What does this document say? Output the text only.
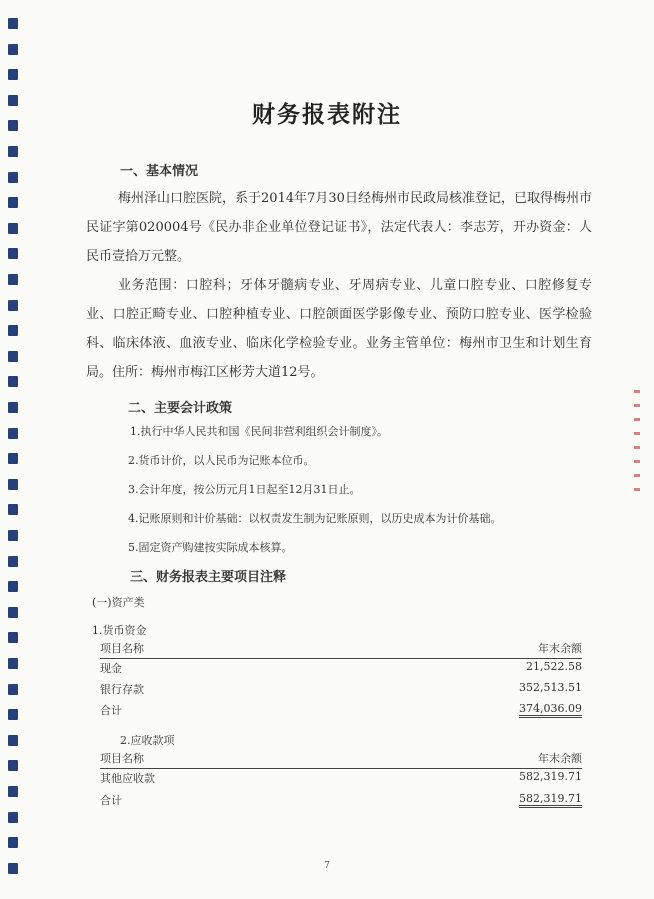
财务报表附注
一、基本情况
梅州泽山口腔医院，系于2014年7月30日经梅州市民政局核准登记，已取得梅州市民证字第020004号《民办非企业单位登记证书》，法定代表人：李志芳，开办资金：人民币壹拾万元整。
业务范围：口腔科；牙体牙髓病专业、牙周病专业、儿童口腔专业、口腔修复专业、口腔正畸专业、口腔种植专业、口腔颌面医学影像专业、预防口腔专业、医学检验科、临床体液、血液专业、临床化学检验专业。业务主管单位：梅州市卫生和计划生育局。住所：梅州市梅江区彬芳大道12号。
二、主要会计政策
1.执行中华人民共和国《民间非营利组织会计制度》。
2.货币计价，以人民币为记账本位币。
3.会计年度，按公历元月1日起至12月31日止。
4.记账原则和计价基础：以权责发生制为记账原则，以历史成本为计价基础。
5.固定资产购建按实际成本核算。
三、财务报表主要项目注释
(一)资产类
1.货币资金
项目名称	年末余额
现金	21,522.58
银行存款	352,513.51
合计	374,036.09
2.应收款项
项目名称	年末余额
其他应收款	582,319.71
合计	582,319.71
7
